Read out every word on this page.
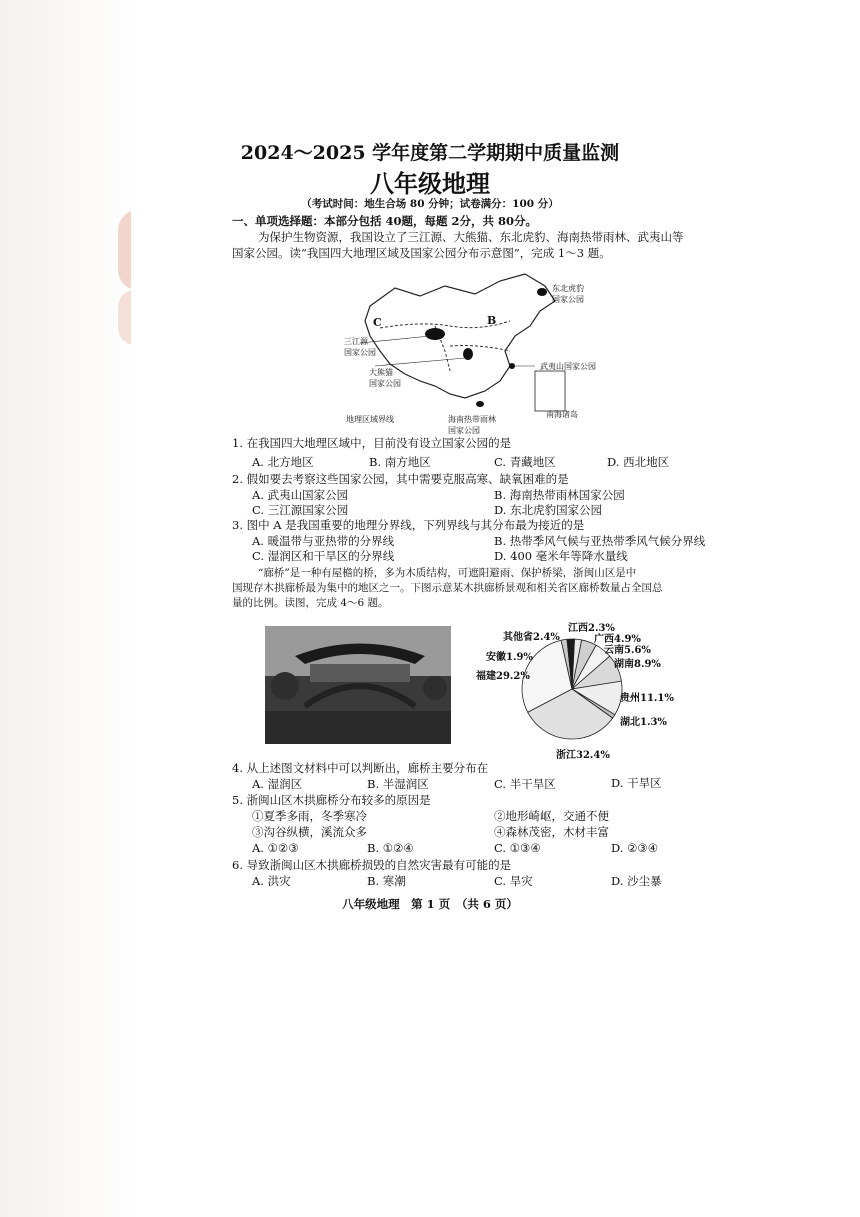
2024～2025 学年度第二学期期中质量监测
八年级地理
（考试时间：地生合场 80 分钟；试卷满分：100 分）
一、单项选择题：本部分包括 40题，每题 2分，共 80分。
为保护生物资源，我国设立了三江源、大熊猫、东北虎豹、海南热带雨林、武夷山等
国家公园。读“我国四大地理区域及国家公园分布示意图”，完成 1～3 题。
东北虎豹
国家公园
三江源
国家公园
大熊猫
国家公园
武夷山国家公园
海南热带雨林
国家公园
地理区域界线
南海诸岛
B
C
1. 在我国四大地理区域中，目前没有设立国家公园的是
A. 北方地区	B. 南方地区	C. 青藏地区	D. 西北地区
2. 假如要去考察这些国家公园，其中需要克服高寒、缺氧困难的是
A. 武夷山国家公园	B. 海南热带雨林国家公园
C. 三江源国家公园	D. 东北虎豹国家公园
3. 图中 A 是我国重要的地理分界线，下列界线与其分布最为接近的是
A. 暖温带与亚热带的分界线	B. 热带季风气候与亚热带季风气候分界线
C. 湿润区和干旱区的分界线	D. 400 毫米年等降水量线
“廊桥”是一种有屋檐的桥，多为木质结构，可遮阳避雨、保护桥梁，浙闽山区是中
国现存木拱廊桥最为集中的地区之一。下图示意某木拱廊桥景观和相关省区廊桥数量占全国总
量的比例。读图，完成 4～6 题。
江西2.3%
广西4.9%
云南5.6%
湖南8.9%
贵州11.1%
湖北1.3%
浙江32.4%
福建29.2%
安徽1.9%
其他省2.4%
4. 从上述图文材料中可以判断出，廊桥主要分布在
A. 湿润区	B. 半湿润区	C. 半干旱区	D. 干旱区
5. 浙闽山区木拱廊桥分布较多的原因是
①夏季多雨，冬季寒冷	②地形崎岖，交通不便
③沟谷纵横，溪流众多	④森林茂密，木材丰富
A. ①②③	B. ①②④	C. ①③④	D. ②③④
6. 导致浙闽山区木拱廊桥损毁的自然灾害最有可能的是
A. 洪灾	B. 寒潮	C. 旱灾	D. 沙尘暴
八年级地理　第 1 页　（共 6 页）
